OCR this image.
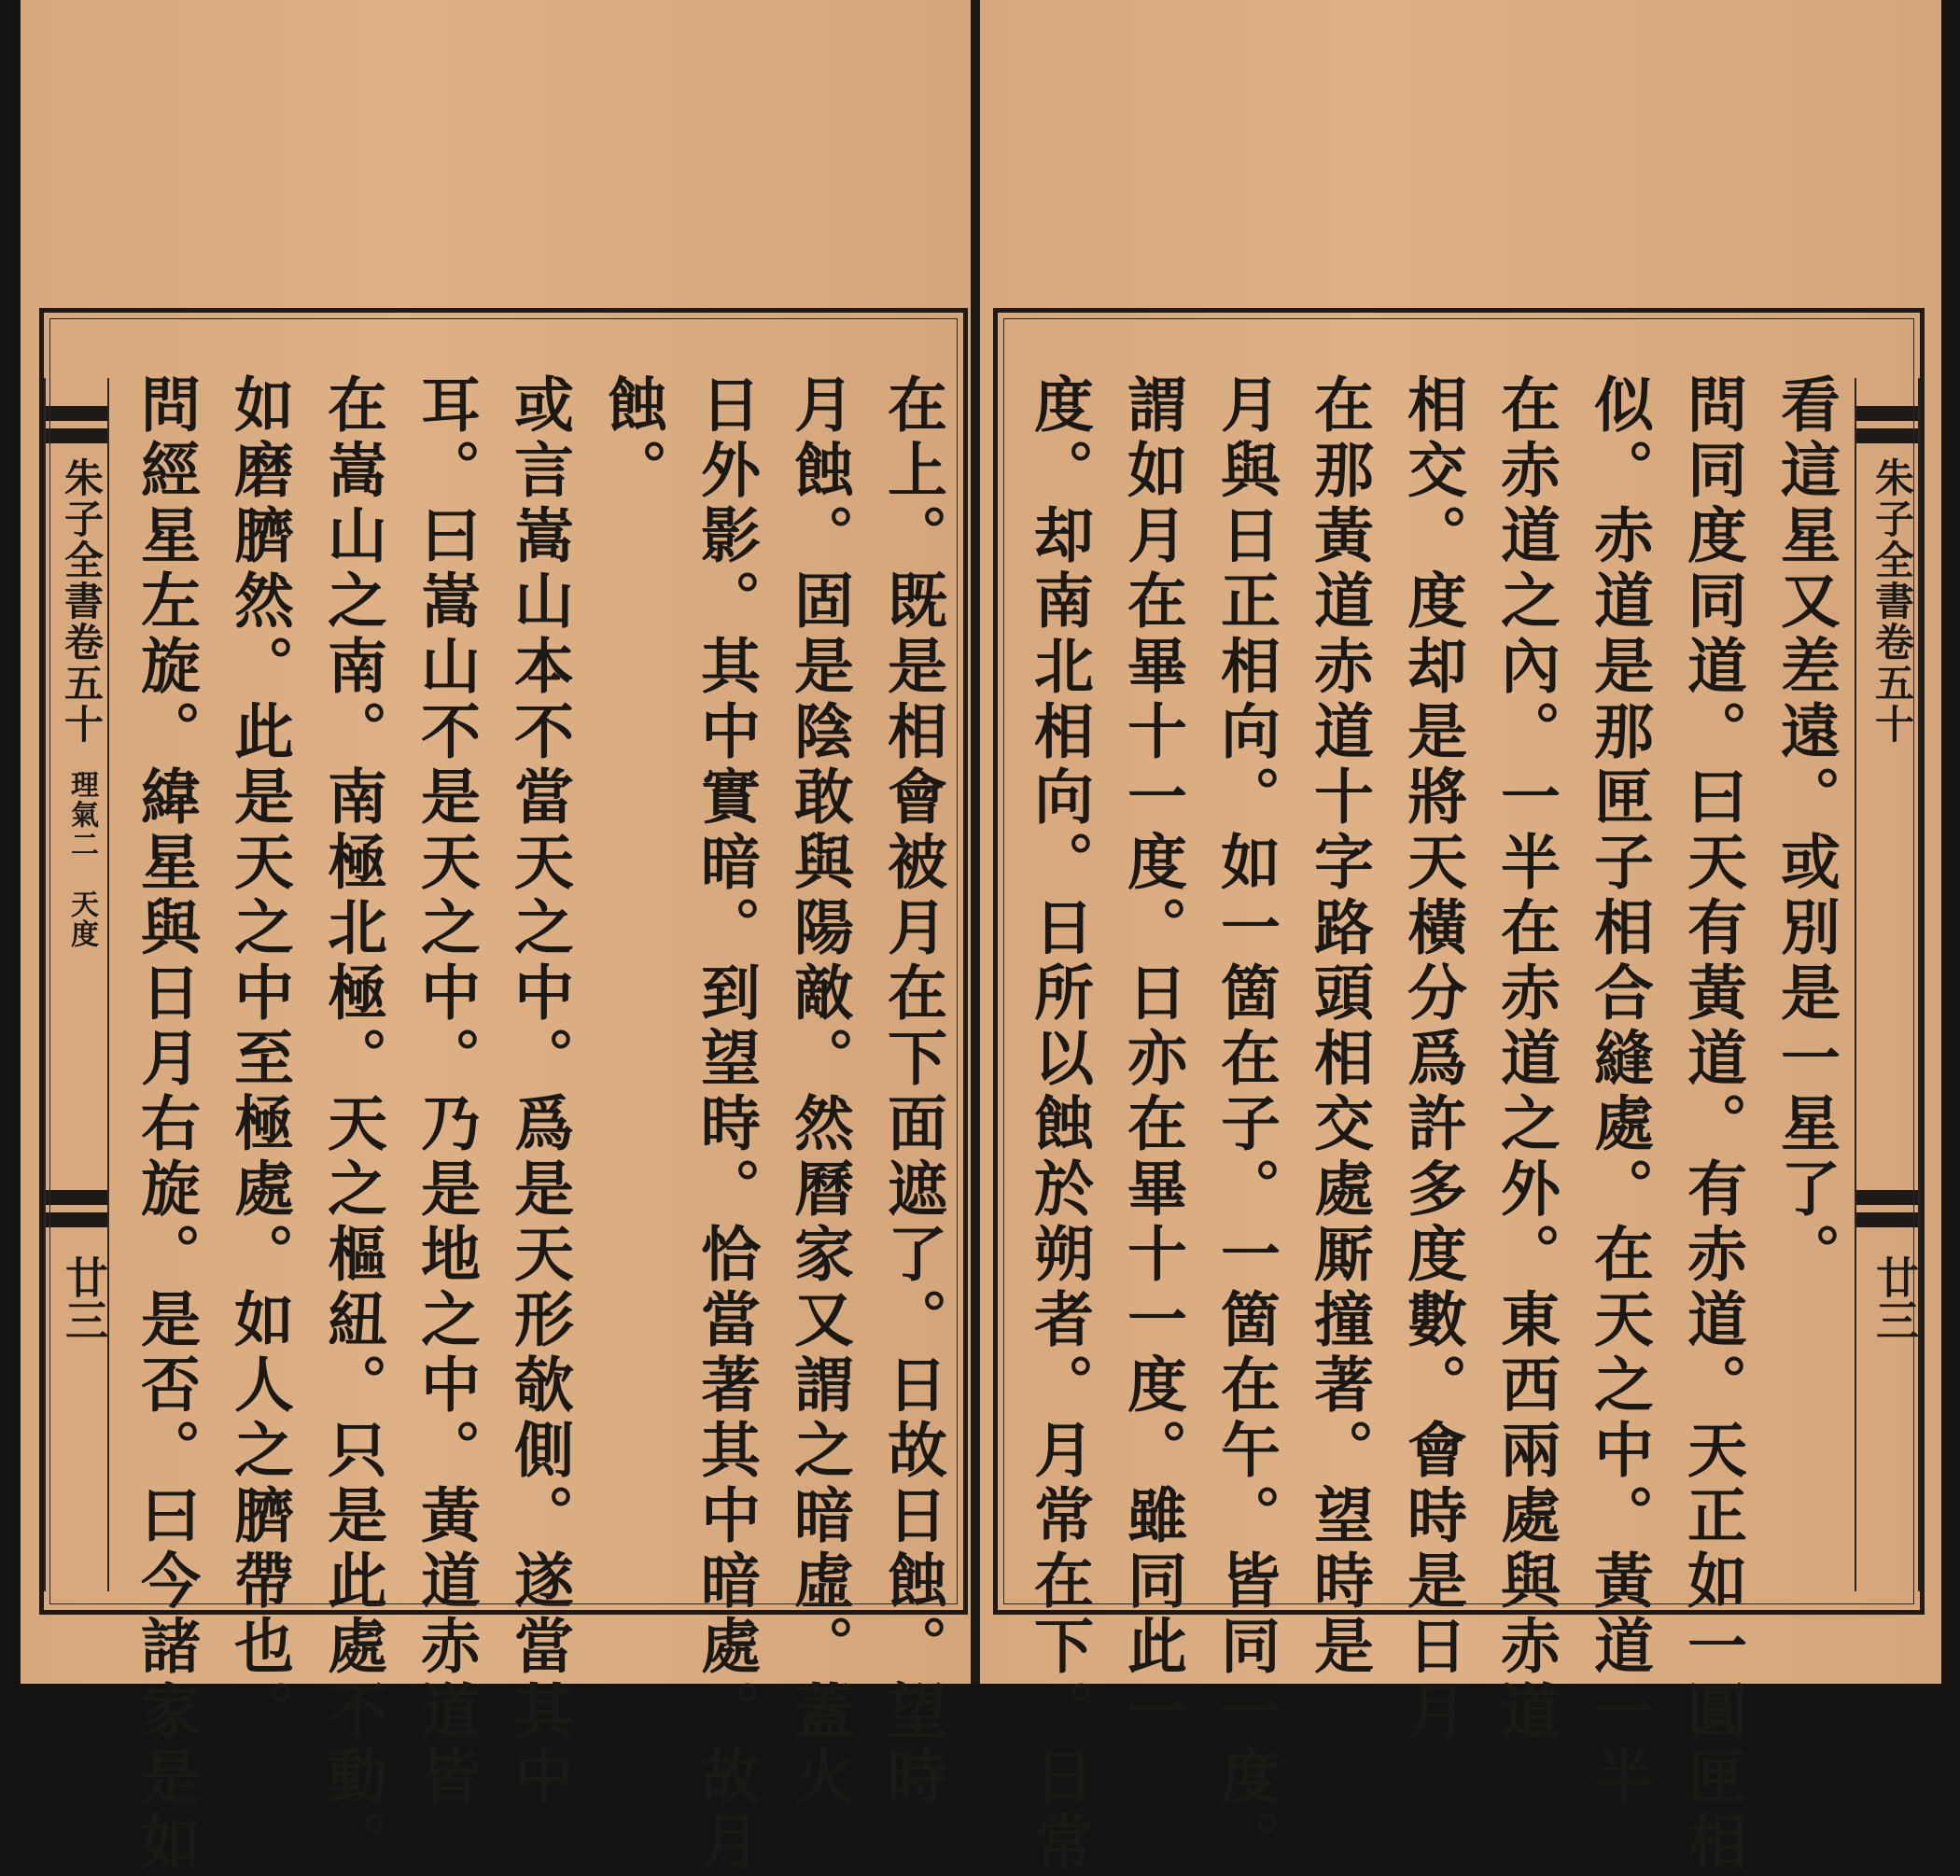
朱子全書卷五十
理氣二　天度
廿三	在上。既是相會被月在下面遮了。日故日蝕。望時
月蝕。固是陰敢與陽敵。然曆家又謂之暗虛。蓋火
日外影。其中實暗。到望時。恰當著其中暗處。故月
蝕。
或言嵩山本不當天之中。爲是天形欹側。遂當其中
耳。曰嵩山不是天之中。乃是地之中。黃道赤道皆
在嵩山之南。南極北極。天之樞紐。只是此處不動。
如磨臍然。此是天之中至極處。如人之臍帶也。
問經星左旋。緯星與日月右旋。是否。曰今諸家是如	看這星又差遠。或別是一星了。
問同度同道。曰天有黃道。有赤道。天正如一圓匣相
似。赤道是那匣子相合縫處。在天之中。黃道一半
在赤道之內。一半在赤道之外。東西兩處與赤道
相交。度却是將天橫分爲許多度數。會時是日月
在那黃道赤道十字路頭相交處厮撞著。望時是
月與日正相向。如一箇在子。一箇在午。皆同一度。
謂如月在畢十一度。日亦在畢十一度。雖同此一
度。却南北相向。日所以蝕於朔者。月常在下。日常	朱子全書卷五十
廿三
